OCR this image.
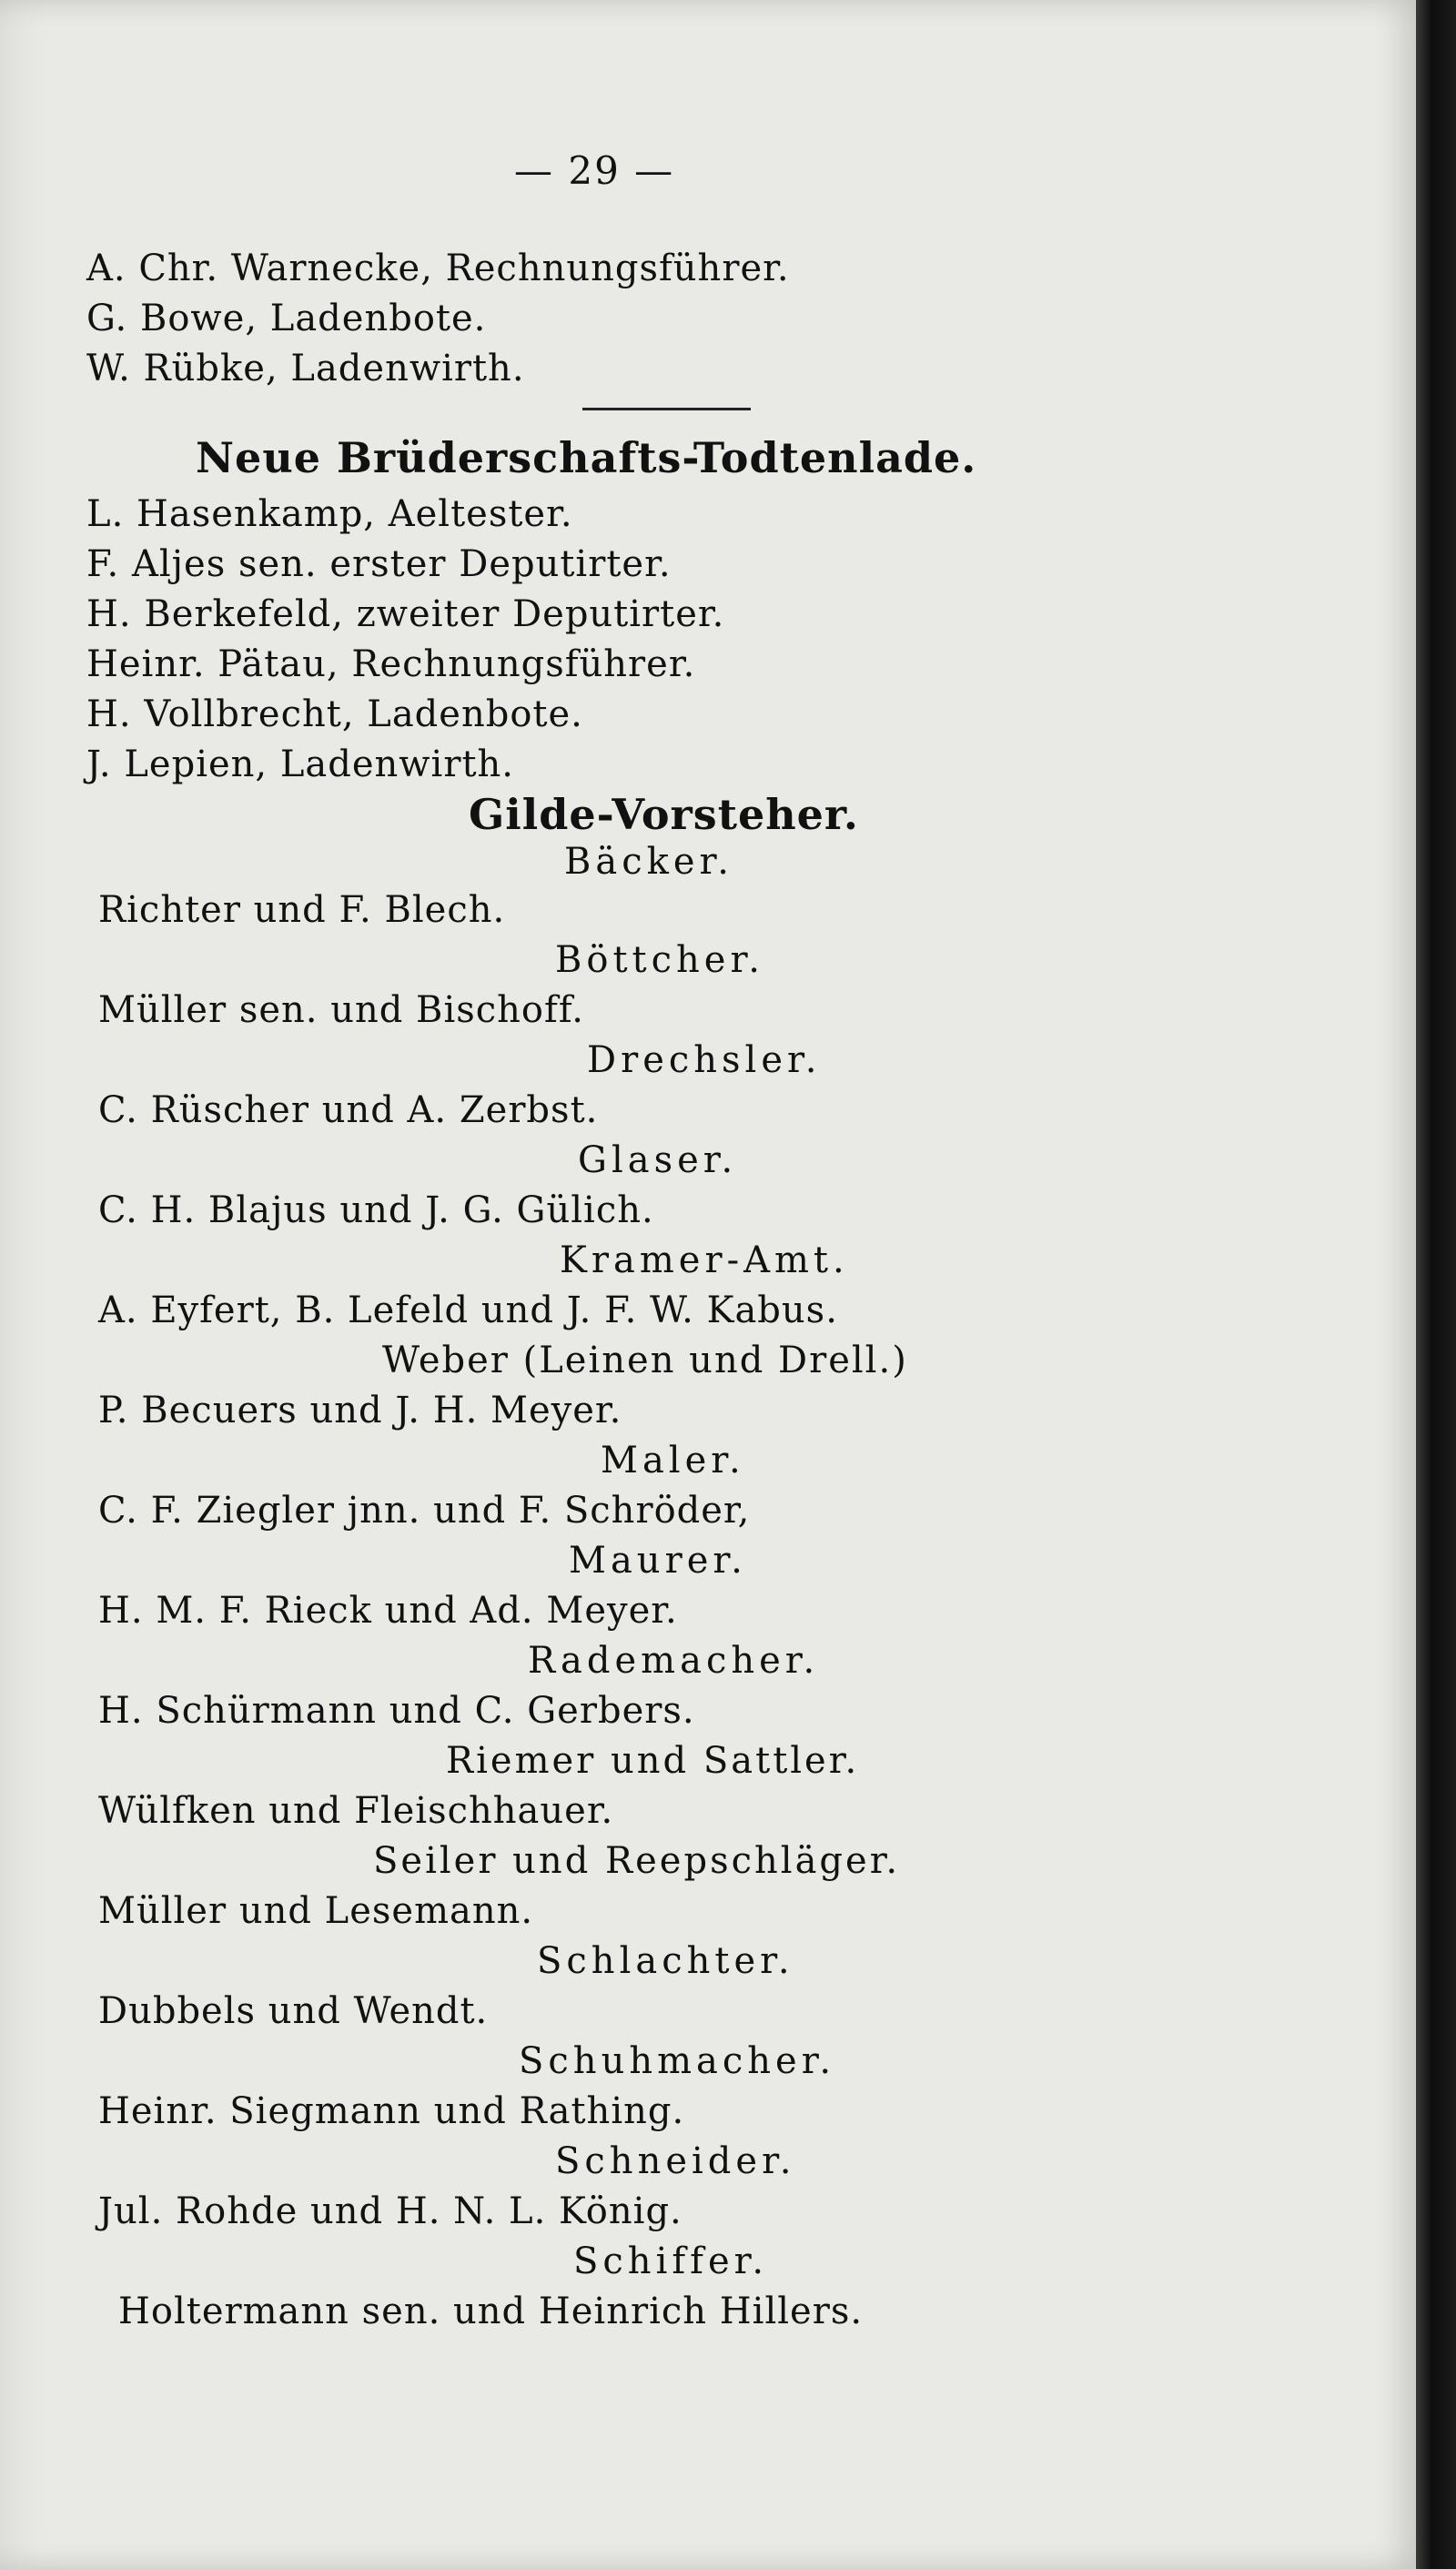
— 29 —
A. Chr. Warnecke, Rechnungsführer.
G. Bowe, Ladenbote.
W. Rübke, Ladenwirth.
Neue Brüderschafts-Todtenlade.
L. Hasenkamp, Aeltester.
F. Aljes sen. erster Deputirter.
H. Berkefeld, zweiter Deputirter.
Heinr. Pätau, Rechnungsführer.
H. Vollbrecht, Ladenbote.
J. Lepien, Ladenwirth.
Gilde-Vorsteher.
Bäcker.
Richter und F. Blech.
Böttcher.
Müller sen. und Bischoff.
Drechsler.
C. Rüscher und A. Zerbst.
Glaser.
C. H. Blajus und J. G. Gülich.
Kramer-Amt.
A. Eyfert, B. Lefeld und J. F. W. Kabus.
Weber (Leinen und Drell.)
P. Becuers und J. H. Meyer.
Maler.
C. F. Ziegler jnn. und F. Schröder,
Maurer.
H. M. F. Rieck und Ad. Meyer.
Rademacher.
H. Schürmann und C. Gerbers.
Riemer und Sattler.
Wülfken und Fleischhauer.
Seiler und Reepschläger.
Müller und Lesemann.
Schlachter.
Dubbels und Wendt.
Schuhmacher.
Heinr. Siegmann und Rathing.
Schneider.
Jul. Rohde und H. N. L. König.
Schiffer.
Holtermann sen. und Heinrich Hillers.
